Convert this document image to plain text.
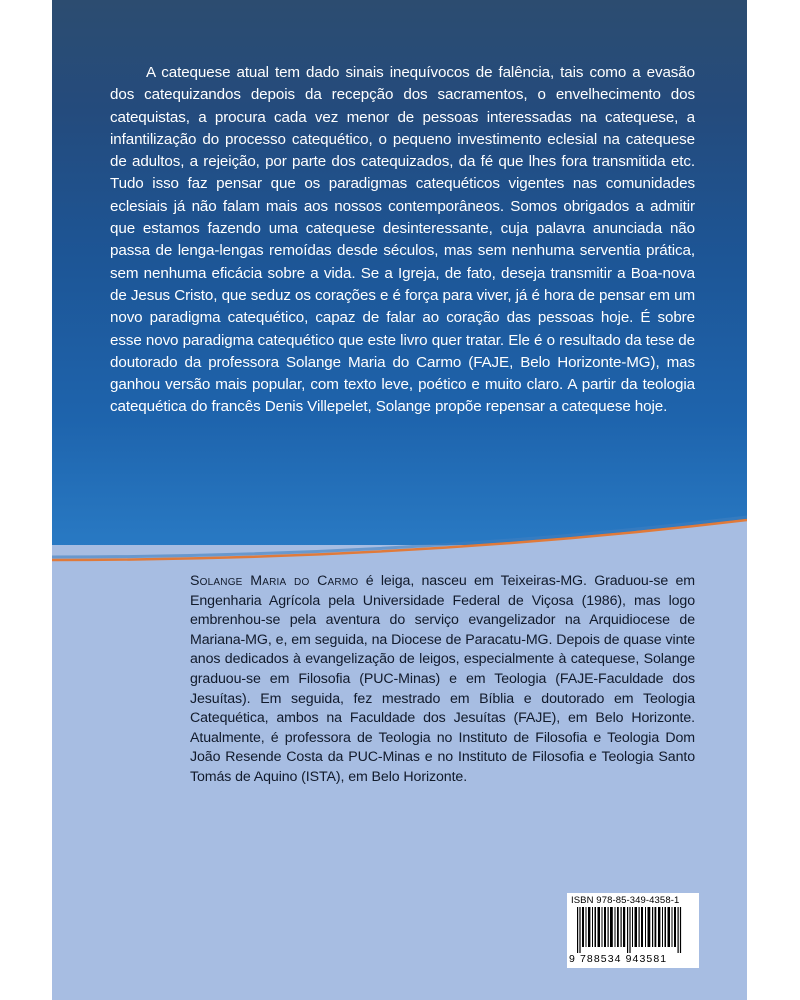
A catequese atual tem dado sinais inequívocos de falência, tais como a evasão dos catequizandos depois da recepção dos sacramentos, o envelhecimento dos catequistas, a procura cada vez menor de pessoas interessadas na catequese, a infantilização do processo catequético, o pequeno investimento eclesial na catequese de adultos, a rejeição, por parte dos catequizados, da fé que lhes fora transmitida etc. Tudo isso faz pensar que os paradigmas catequéticos vigentes nas comunidades eclesiais já não falam mais aos nossos contemporâneos. Somos obrigados a admitir que estamos fazendo uma catequese desinteressante, cuja palavra anunciada não passa de lenga-lengas remoídas desde séculos, mas sem nenhuma serventia prática, sem nenhuma eficácia sobre a vida. Se a Igreja, de fato, deseja transmitir a Boa-nova de Jesus Cristo, que seduz os corações e é força para viver, já é hora de pensar em um novo paradigma catequético, capaz de falar ao coração das pessoas hoje. É sobre esse novo paradigma catequético que este livro quer tratar. Ele é o resultado da tese de doutorado da professora Solange Maria do Carmo (FAJE, Belo Horizonte-MG), mas ganhou versão mais popular, com texto leve, poético e muito claro. A partir da teologia catequética do francês Denis Villepelet, Solange propõe repensar a catequese hoje.

Solange Maria do Carmo é leiga, nasceu em Teixeiras-MG. Graduou-se em Engenharia Agrícola pela Universidade Federal de Viçosa (1986), mas logo embrenhou-se pela aventura do serviço evangelizador na Arquidiocese de Mariana-MG, e, em seguida, na Diocese de Paracatu-MG. Depois de quase vinte anos dedicados à evangelização de leigos, especialmente à catequese, Solange graduou-se em Filosofia (PUC-Minas) e em Teologia (FAJE-Faculdade dos Jesuítas). Em seguida, fez mestrado em Bíblia e doutorado em Teologia Catequética, ambos na Faculdade dos Jesuítas (FAJE), em Belo Horizonte. Atualmente, é professora de Teologia no Instituto de Filosofia e Teologia Dom João Resende Costa da PUC-Minas e no Instituto de Filosofia e Teologia Santo Tomás de Aquino (ISTA), em Belo Horizonte.

ISBN 978-85-349-4358-1
9 788534 943581
